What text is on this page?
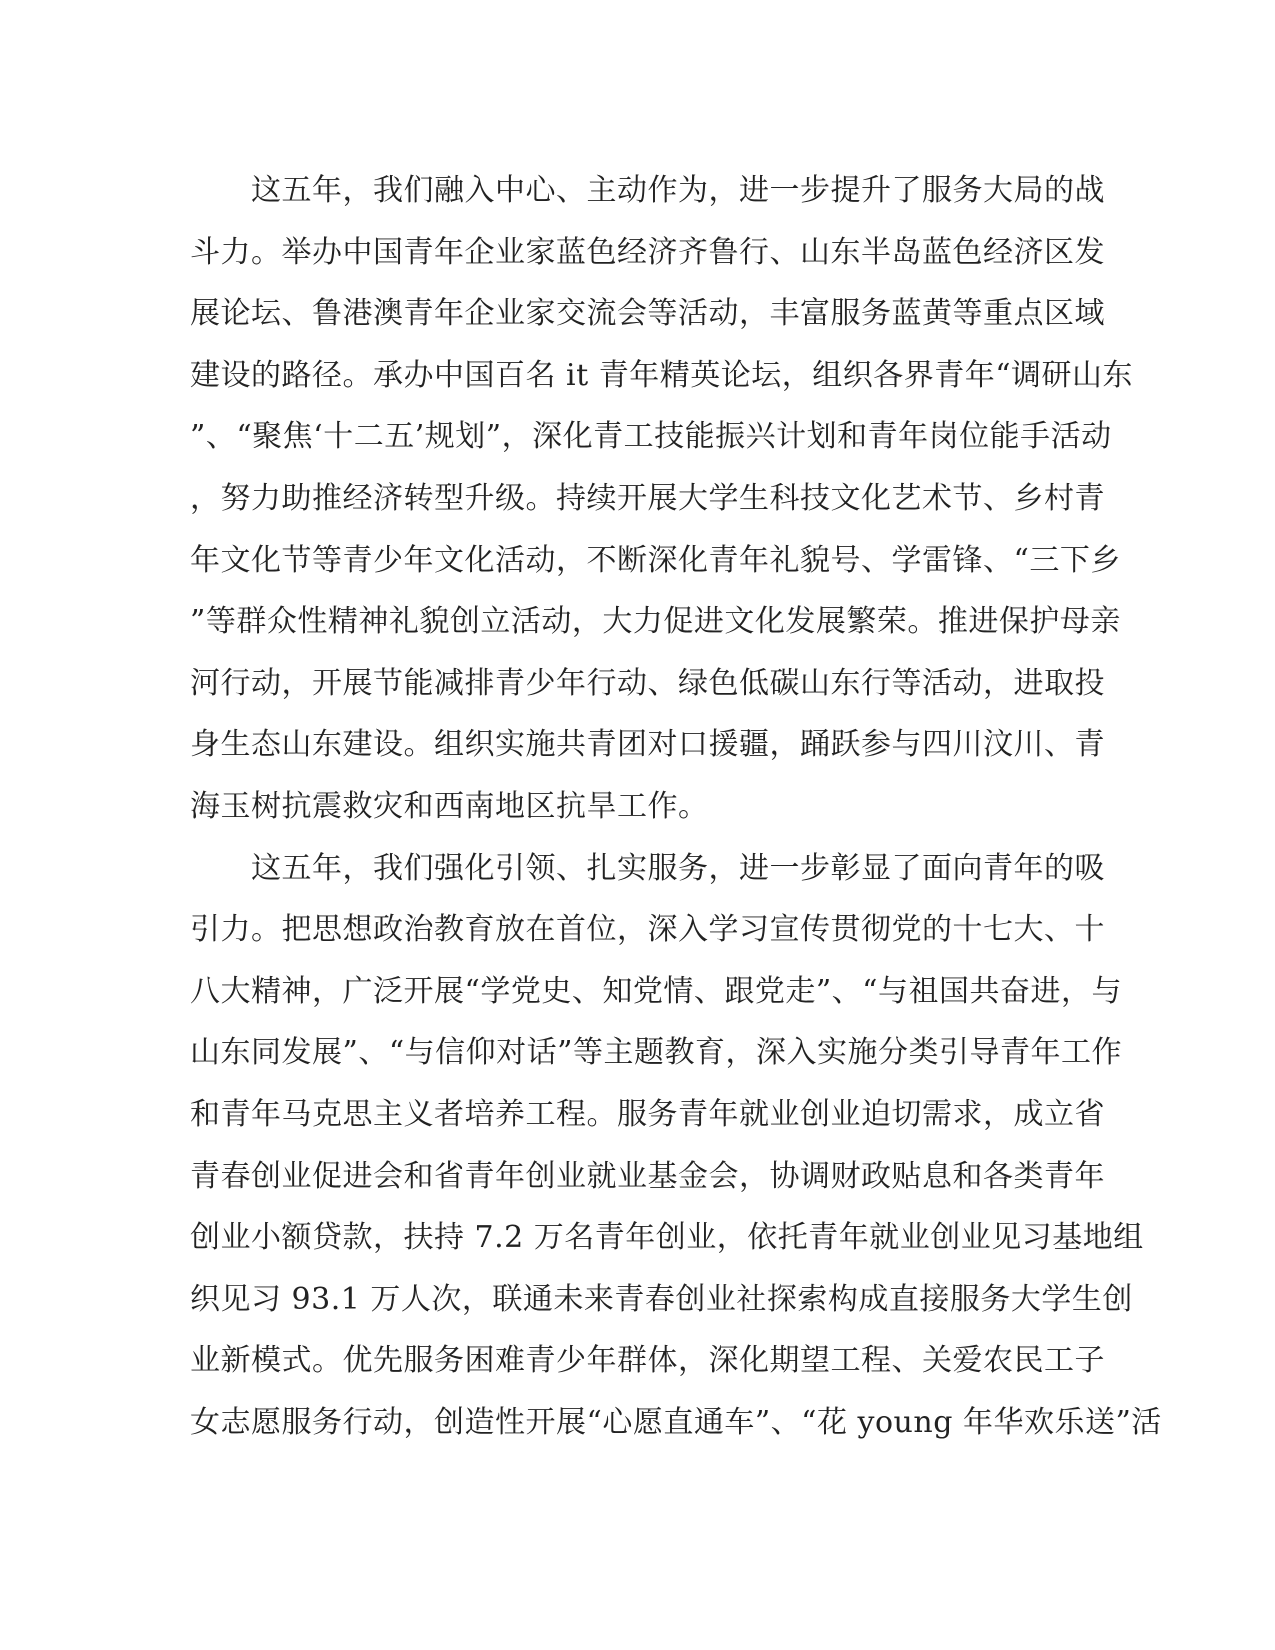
　　这五年，我们融入中心、主动作为，进一步提升了服务大局的战
斗力。举办中国青年企业家蓝色经济齐鲁行、山东半岛蓝色经济区发
展论坛、鲁港澳青年企业家交流会等活动，丰富服务蓝黄等重点区域
建设的路径。承办中国百名 it 青年精英论坛，组织各界青年“调研山东
”、“聚焦‘十二五’规划”，深化青工技能振兴计划和青年岗位能手活动
，努力助推经济转型升级。持续开展大学生科技文化艺术节、乡村青
年文化节等青少年文化活动，不断深化青年礼貌号、学雷锋、“三下乡
”等群众性精神礼貌创立活动，大力促进文化发展繁荣。推进保护母亲
河行动，开展节能减排青少年行动、绿色低碳山东行等活动，进取投
身生态山东建设。组织实施共青团对口援疆，踊跃参与四川汶川、青
海玉树抗震救灾和西南地区抗旱工作。
　　这五年，我们强化引领、扎实服务，进一步彰显了面向青年的吸
引力。把思想政治教育放在首位，深入学习宣传贯彻党的十七大、十
八大精神，广泛开展“学党史、知党情、跟党走”、“与祖国共奋进，与
山东同发展”、“与信仰对话”等主题教育，深入实施分类引导青年工作
和青年马克思主义者培养工程。服务青年就业创业迫切需求，成立省
青春创业促进会和省青年创业就业基金会，协调财政贴息和各类青年
创业小额贷款，扶持 7.2 万名青年创业，依托青年就业创业见习基地组
织见习 93.1 万人次，联通未来青春创业社探索构成直接服务大学生创
业新模式。优先服务困难青少年群体，深化期望工程、关爱农民工子
女志愿服务行动，创造性开展“心愿直通车”、“花 young 年华欢乐送”活
